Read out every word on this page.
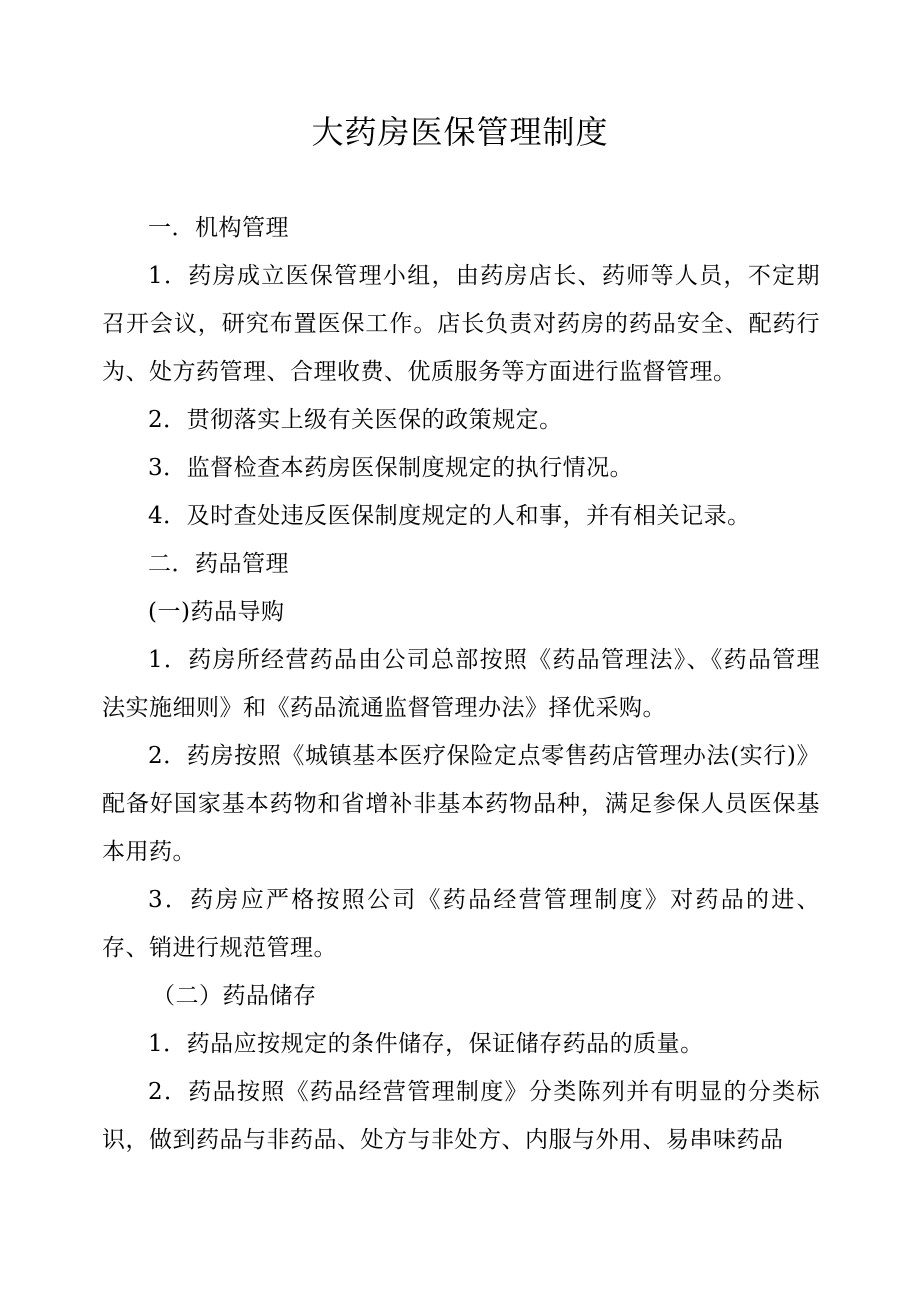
大药房医保管理制度

一．机构管理

1．药房成立医保管理小组，由药房店长、药师等人员，不定期召开会议，研究布置医保工作。店长负责对药房的药品安全、配药行为、处方药管理、合理收费、优质服务等方面进行监督管理。

2．贯彻落实上级有关医保的政策规定。

3．监督检查本药房医保制度规定的执行情况。

4．及时查处违反医保制度规定的人和事，并有相关记录。

二．药品管理

(一)药品导购

1．药房所经营药品由公司总部按照《药品管理法》、《药品管理法实施细则》和《药品流通监督管理办法》择优采购。

2．药房按照《城镇基本医疗保险定点零售药店管理办法(实行)》配备好国家基本药物和省增补非基本药物品种，满足参保人员医保基本用药。

3．药房应严格按照公司《药品经营管理制度》对药品的进、存、销进行规范管理。

（二）药品储存

1．药品应按规定的条件储存，保证储存药品的质量。

2．药品按照《药品经营管理制度》分类陈列并有明显的分类标识，做到药品与非药品、处方与非处方、内服与外用、易串味药品
